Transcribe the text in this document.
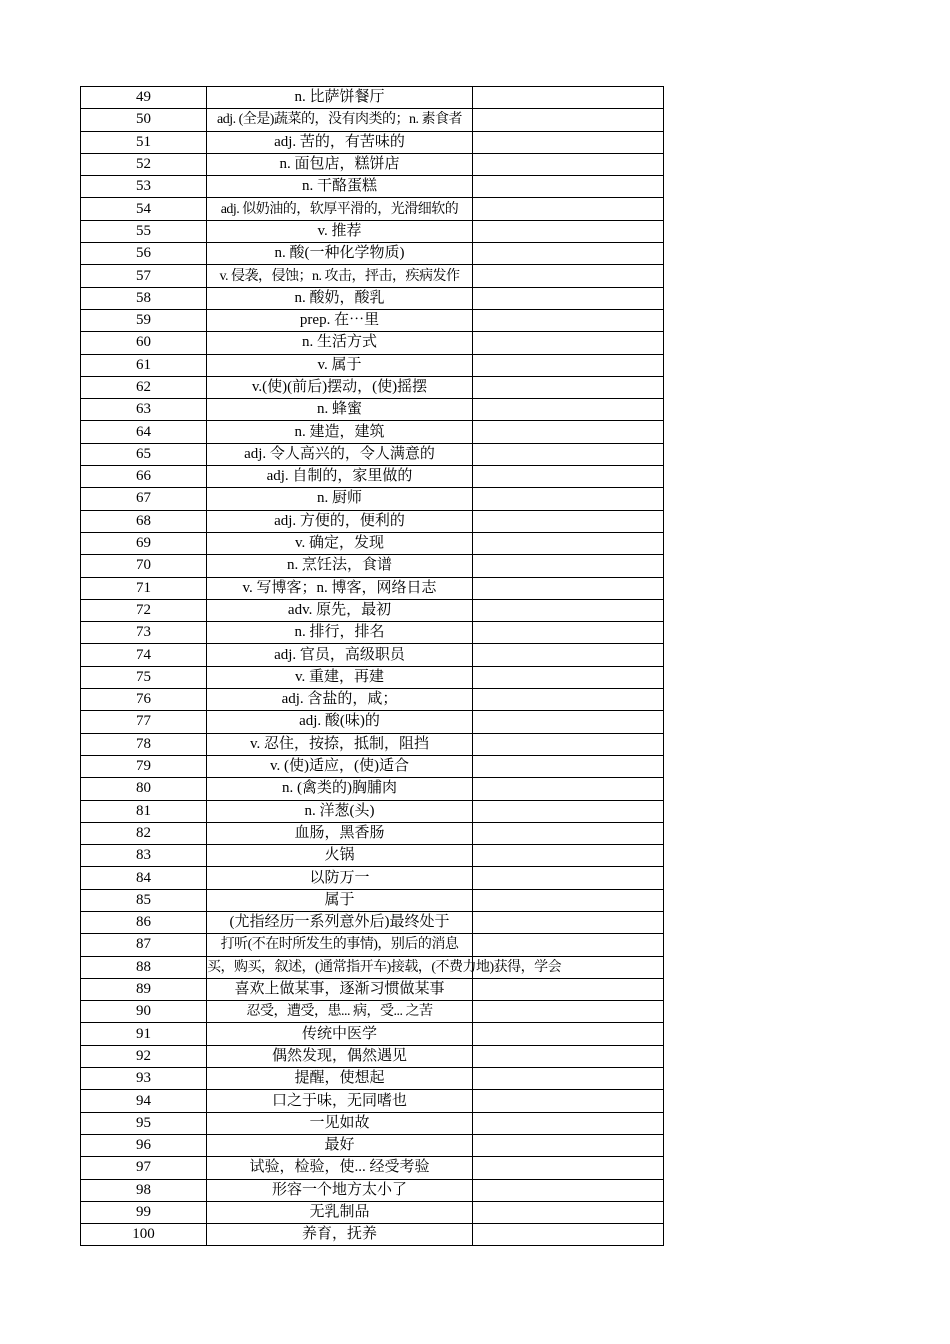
49	n. 比萨饼餐厅	
50	adj. (全是)蔬菜的，没有肉类的；n. 素食者	
51	adj. 苦的，有苦味的	
52	n. 面包店，糕饼店	
53	n. 干酪蛋糕	
54	adj. 似奶油的，软厚平滑的，光滑细软的	
55	v. 推荐	
56	n. 酸(一种化学物质)	
57	v. 侵袭，侵蚀；n. 攻击，抨击，疾病发作	
58	n. 酸奶，酸乳	
59	prep. 在⋯里	
60	n. 生活方式	
61	v. 属于	
62	v.(使)(前后)摆动，(使)摇摆	
63	n. 蜂蜜	
64	n. 建造，建筑	
65	adj. 令人高兴的，令人满意的	
66	adj. 自制的，家里做的	
67	n. 厨师	
68	adj. 方便的，便利的	
69	v. 确定，发现	
70	n. 烹饪法，食谱	
71	v. 写博客；n. 博客，网络日志	
72	adv. 原先，最初	
73	n. 排行，排名	
74	adj. 官员，高级职员	
75	v. 重建，再建	
76	adj. 含盐的，咸；	
77	adj. 酸(味)的	
78	v. 忍住，按捺，抵制，阻挡	
79	v. (使)适应，(使)适合	
80	n. (禽类的)胸脯肉	
81	n. 洋葱(头)	
82	血肠，黑香肠	
83	火锅	
84	以防万一	
85	属于	
86	(尤指经历一系列意外后)最终处于	
87	打听(不在时所发生的事情)，别后的消息	
88	买，购买，叙述，(通常指开车)接载，(不费力地)获得，学会	
89	喜欢上做某事，逐渐习惯做某事	
90	忍受，遭受，患... 病，受... 之苦	
91	传统中医学	
92	偶然发现，偶然遇见	
93	提醒，使想起	
94	口之于味，无同嗜也	
95	一见如故	
96	最好	
97	试验，检验，使... 经受考验	
98	形容一个地方太小了	
99	无乳制品	
100	养育，抚养	
